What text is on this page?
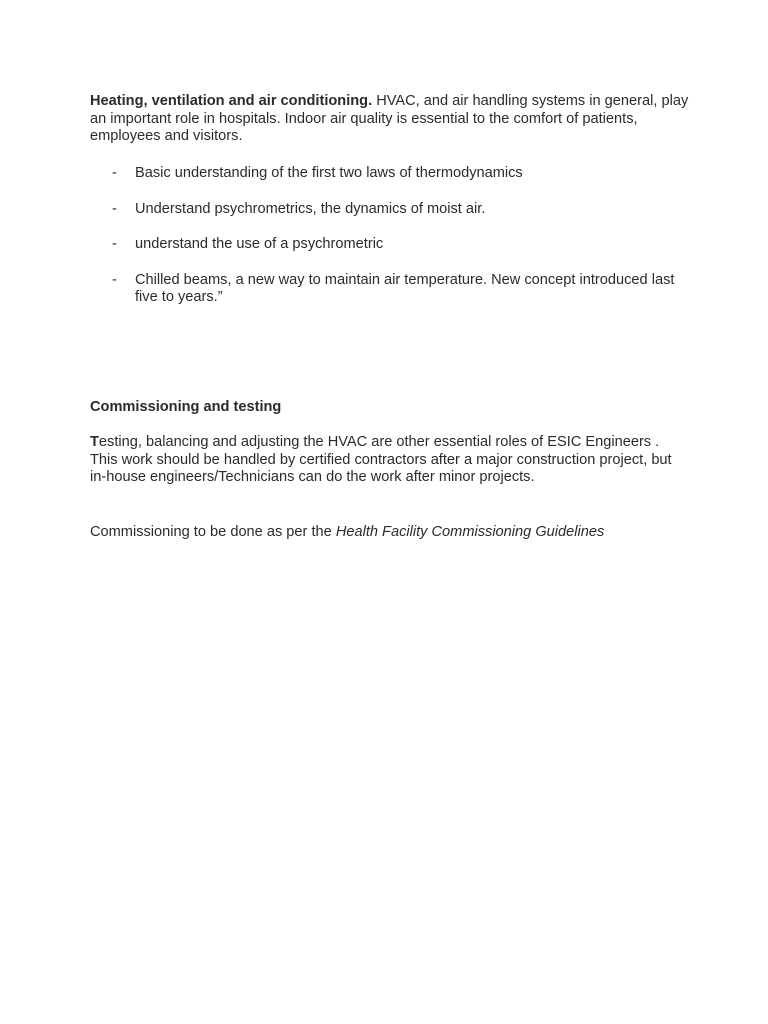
Heating, ventilation and air conditioning. HVAC, and air handling systems in general, play an important role in hospitals. Indoor air quality is essential to the comfort of patients, employees and visitors.
- Basic understanding of the first two laws of thermodynamics
- Understand psychrometrics, the dynamics of moist air.
- understand the use of a psychrometric
- Chilled beams, a new way to maintain air temperature. New concept introduced last five to years.”
Commissioning and testing
Testing, balancing and adjusting the HVAC are other essential roles of ESIC Engineers . This work should be handled by certified contractors after a major construction project, but in-house engineers/Technicians can do the work after minor projects.
Commissioning to be done as per the Health Facility Commissioning Guidelines
